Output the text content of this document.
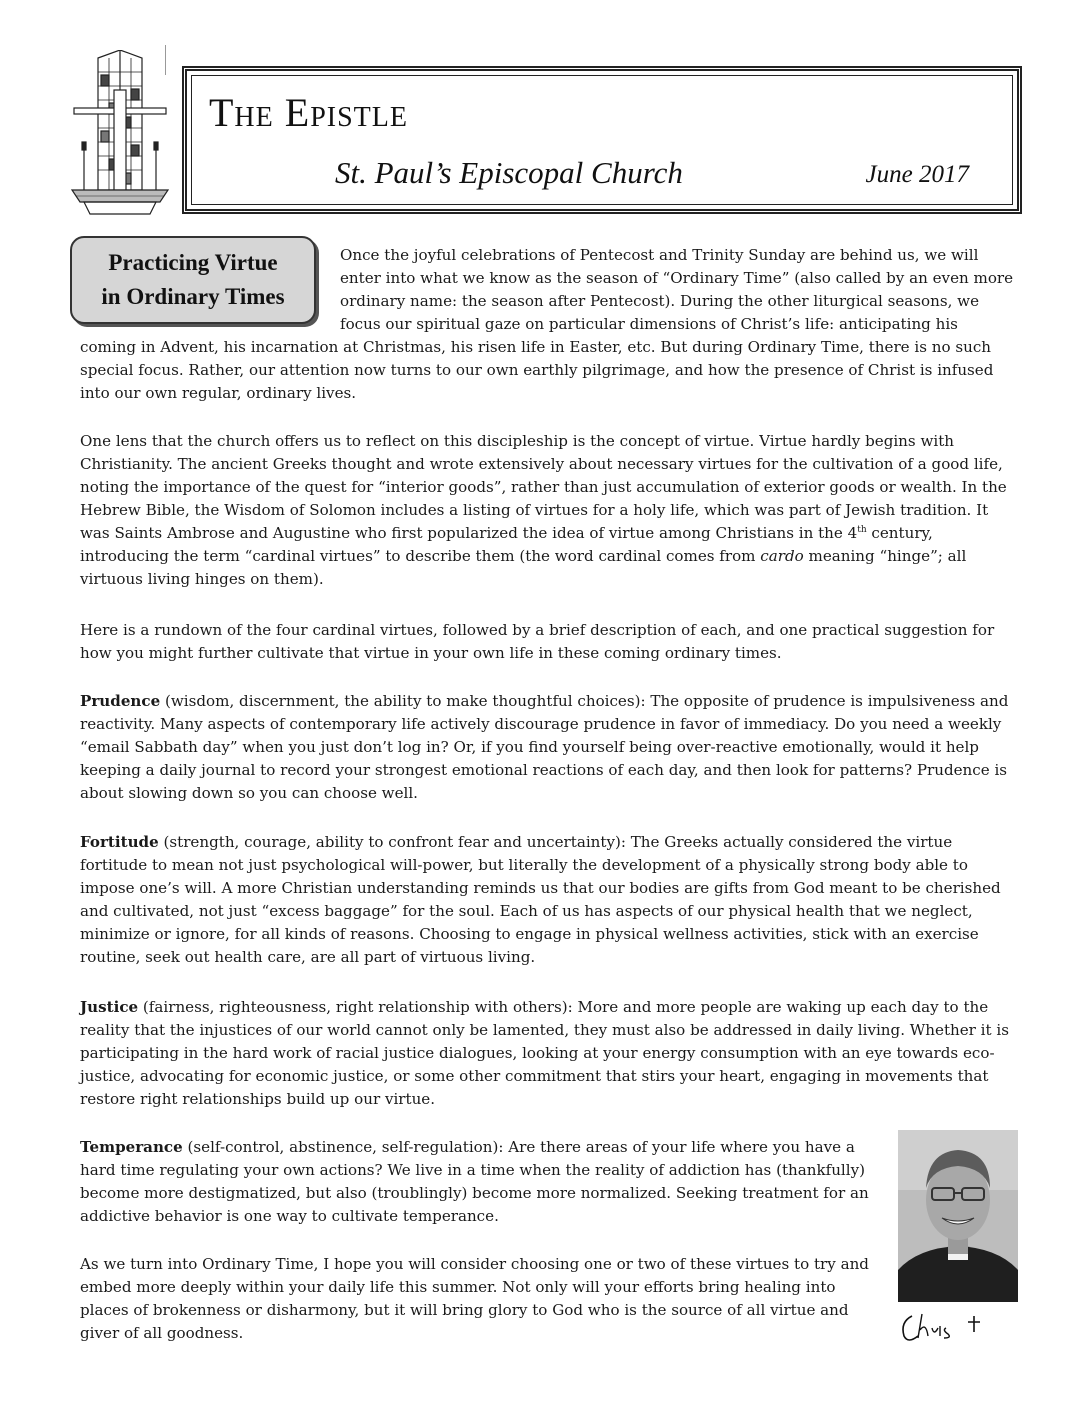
The Epistle
St. Paul’s Episcopal Church	June 2017
Practicing Virtue
in Ordinary Times
Once the joyful celebrations of Pentecost and Trinity Sunday are behind us, we will
enter into what we know as the season of “Ordinary Time” (also called by an even more
ordinary name: the season after Pentecost). During the other liturgical seasons, we
focus our spiritual gaze on particular dimensions of Christ’s life: anticipating his

coming in Advent, his incarnation at Christmas, his risen life in Easter, etc. But during Ordinary Time, there is no such special focus. Rather, our attention now turns to our own earthly pilgrimage, and how the presence of Christ is infused into our own regular, ordinary lives.

One lens that the church offers us to reflect on this discipleship is the concept of virtue. Virtue hardly begins with Christianity. The ancient Greeks thought and wrote extensively about necessary virtues for the cultivation of a good life, noting the importance of the quest for “interior goods”, rather than just accumulation of exterior goods or wealth. In the Hebrew Bible, the Wisdom of Solomon includes a listing of virtues for a holy life, which was part of Jewish tradition. It was Saints Ambrose and Augustine who first popularized the idea of virtue among Christians in the 4th century, introducing the term “cardinal virtues” to describe them (the word cardinal comes from cardo meaning “hinge”; all virtuous living hinges on them).

Here is a rundown of the four cardinal virtues, followed by a brief description of each, and one practical suggestion for how you might further cultivate that virtue in your own life in these coming ordinary times.

Prudence (wisdom, discernment, the ability to make thoughtful choices): The opposite of prudence is impulsiveness and reactivity. Many aspects of contemporary life actively discourage prudence in favor of immediacy. Do you need a weekly “email Sabbath day” when you just don’t log in? Or, if you find yourself being over-reactive emotionally, would it help keeping a daily journal to record your strongest emotional reactions of each day, and then look for patterns? Prudence is about slowing down so you can choose well.

Fortitude (strength, courage, ability to confront fear and uncertainty): The Greeks actually considered the virtue fortitude to mean not just psychological will-power, but literally the development of a physically strong body able to impose one’s will. A more Christian understanding reminds us that our bodies are gifts from God meant to be cherished and cultivated, not just “excess baggage” for the soul. Each of us has aspects of our physical health that we neglect, minimize or ignore, for all kinds of reasons. Choosing to engage in physical wellness activities, stick with an exercise routine, seek out health care, are all part of virtuous living.

Justice (fairness, righteousness, right relationship with others): More and more people are waking up each day to the reality that the injustices of our world cannot only be lamented, they must also be addressed in daily living. Whether it is participating in the hard work of racial justice dialogues, looking at your energy consumption with an eye towards eco-justice, advocating for economic justice, or some other commitment that stirs your heart, engaging in movements that restore right relationships build up our virtue.

Temperance (self-control, abstinence, self-regulation): Are there areas of your life where you have a hard time regulating your own actions? We live in a time when the reality of addiction has (thankfully) become more destigmatized, but also (troublingly) become more normalized. Seeking treatment for an addictive behavior is one way to cultivate temperance.

As we turn into Ordinary Time, I hope you will consider choosing one or two of these virtues to try and embed more deeply within your daily life this summer. Not only will your efforts bring healing into places of brokenness or disharmony, but it will bring glory to God who is the source of all virtue and giver of all goodness.
